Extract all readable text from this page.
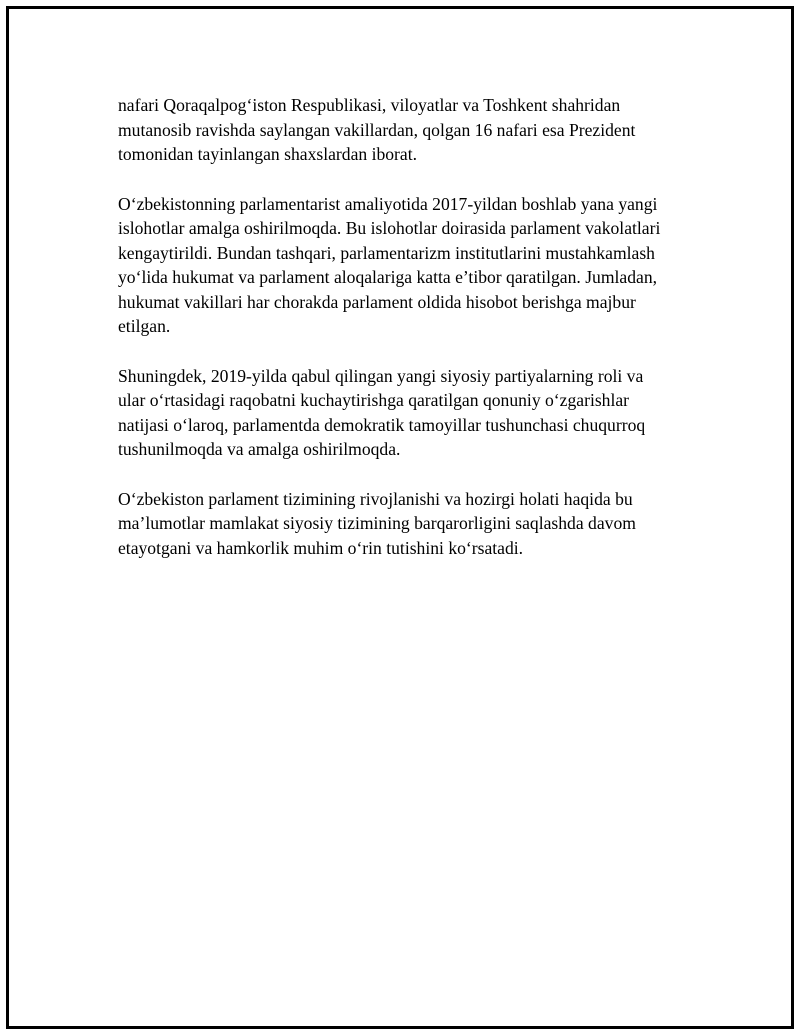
nafari Qoraqalpog‘iston Respublikasi, viloyatlar va Toshkent shahridan
mutanosib ravishda saylangan vakillardan, qolgan 16 nafari esa Prezident
tomonidan tayinlangan shaxslardan iborat.

O‘zbekistonning parlamentarist amaliyotida 2017-yildan boshlab yana yangi
islohotlar amalga oshirilmoqda. Bu islohotlar doirasida parlament vakolatlari
kengaytirildi. Bundan tashqari, parlamentarizm institutlarini mustahkamlash
yo‘lida hukumat va parlament aloqalariga katta e’tibor qaratilgan. Jumladan,
hukumat vakillari har chorakda parlament oldida hisobot berishga majbur
etilgan.

Shuningdek, 2019-yilda qabul qilingan yangi siyosiy partiyalarning roli va
ular o‘rtasidagi raqobatni kuchaytirishga qaratilgan qonuniy o‘zgarishlar
natijasi o‘laroq, parlamentda demokratik tamoyillar tushunchasi chuqurroq
tushunilmoqda va amalga oshirilmoqda.

O‘zbekiston parlament tizimining rivojlanishi va hozirgi holati haqida bu
ma’lumotlar mamlakat siyosiy tizimining barqarorligini saqlashda davom
etayotgani va hamkorlik muhim o‘rin tutishini ko‘rsatadi.
